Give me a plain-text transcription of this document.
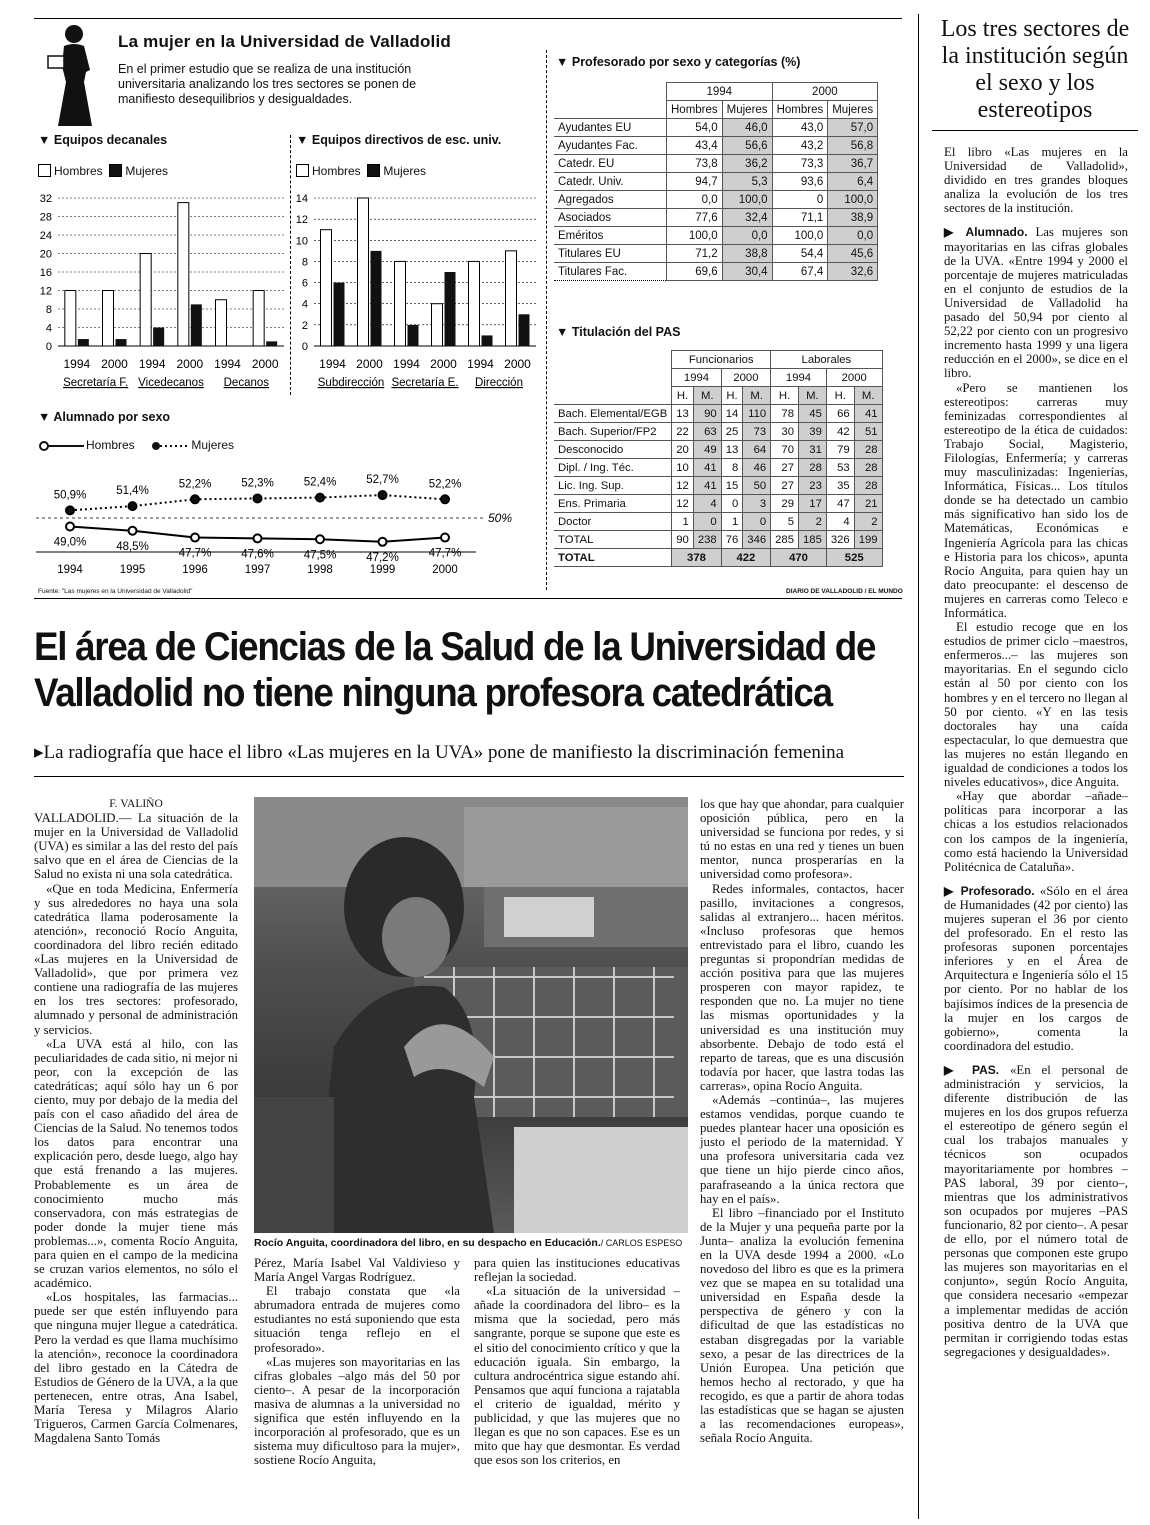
La mujer en la Universidad de Valladolid
En el primer estudio que se realiza de una institución universitaria analizando los tres sectores se ponen de manifiesto desequilibrios y desigualdades.
▼ Equipos decanales
Hombres Mujeres
0
4
8
12
16
20
24
28
32
1994 2000 1994 2000 1994 2000
Secretaría F. Vicedecanos Decanos
▼ Equipos directivos de esc. univ.
Hombres Mujeres
0
2
4
6
8
10
12
14
1994 2000 1994 2000 1994 2000
Subdirección Secretaría E. Dirección
▼ Alumnado por sexo
Hombres	Mujeres
50%
49,0%	48,5%
47,7%	47,6%	47,5%	47,2%	47,7%
50,9%	51,4%
52,2%	52,3%	52,4%	52,7%	52,2%
1994	1995	1996	1997	1998	1999	2000
Fuente: "Las mujeres en la Universidad de Valladolid"
▼ Profesorado por sexo y categorías (%)
	1994		2000	
	Hombres	Mujeres	Hombres	Mujeres
Ayudantes EU	54,0	46,0	43,0	57,0
Ayudantes Fac.	43,4	56,6	43,2	56,8
Catedr. EU	73,8	36,2	73,3	36,7
Catedr. Univ.	94,7	5,3	93,6	6,4
Agregados	0,0	100,0	0	100,0
Asociados	77,6	32,4	71,1	38,9
Eméritos	100,0	0,0	100,0	0,0
Titulares EU	71,2	38,8	54,4	45,6
Titulares Fac.	69,6	30,4	67,4	32,6
▼ Titulación del PAS
	Funcionarios				Laborales			
	1994		2000		1994		2000	
	H.	M.	H.	M.	H.	M.	H.	M.
Bach. Elemental/EGB	13	90	14	110	78	45	66	41
Bach. Superior/FP2	22	63	25	73	30	39	42	51
Desconocido	20	49	13	64	70	31	79	28
Dipl. / Ing. Téc.	10	41	8	46	27	28	53	28
Lic. Ing. Sup.	12	41	15	50	27	23	35	28
Ens. Primaria	12	4	0	3	29	17	47	21
Doctor	1	0	1	0	5	2	4	2
TOTAL	90	238	76	346	285	185	326	199
TOTAL	378		422		470		525	
DIARIO DE VALLADOLID / EL MUNDO
El área de Ciencias de la Salud de la Universidad de
Valladolid no tiene ninguna profesora catedrática
▸La radiografía que hace el libro «Las mujeres en la UVA» pone de manifiesto la discriminación femenina

F. VALIÑO

VALLADOLID.— La situación de la mujer en la Universidad de Valladolid (UVA) es similar a las del resto del país salvo que en el área de Ciencias de la Salud no exista ni una sola catedrática.

«Que en toda Medicina, Enfermería y sus alrededores no haya una sola catedrática llama poderosamente la atención», reconoció Rocío Anguita, coordinadora del libro recién editado «Las mujeres en la Universidad de Valladolid», que por primera vez contiene una radiografía de las mujeres en los tres sectores: profesorado, alumnado y personal de administración y servicios.

«La UVA está al hilo, con las peculiaridades de cada sitio, ni mejor ni peor, con la excepción de las catedráticas; aquí sólo hay un 6 por ciento, muy por debajo de la media del país con el caso añadido del área de Ciencias de la Salud. No tenemos todos los datos para encontrar una explicación pero, desde luego, algo hay que está frenando a las mujeres. Probablemente es un área de conocimiento mucho más conservadora, con más estrategias de poder donde la mujer tiene más problemas...», comenta Rocío Anguita, para quien en el campo de la medicina se cruzan varios elementos, no sólo el académico.

«Los hospitales, las farmacias... puede ser que estén influyendo para que ninguna mujer llegue a catedrática. Pero la verdad es que llama muchísimo la atención», reconoce la coordinadora del libro gestado en la Cátedra de Estudios de Género de la UVA, a la que pertenecen, entre otras, Ana Isabel, María Teresa y Milagros Alario Trigueros, Carmen García Colmenares, Magdalena Santo Tomás

Rocío Anguita, coordinadora del libro, en su despacho en Educación./ CARLOS ESPESO

Pérez, María Isabel Val Valdivieso y María Angel Vargas Rodríguez.

El trabajo constata que «la abrumadora entrada de mujeres como estudiantes no está suponiendo que esta situación tenga reflejo en el profesorado».

«Las mujeres son mayoritarias en las cifras globales –algo más del 50 por ciento–. A pesar de la incorporación masiva de alumnas a la universidad no significa que estén influyendo en la incorporación al profesorado, que es un sistema muy dificultoso para la mujer», sostiene Rocío Anguita,

para quien las instituciones educativas reflejan la sociedad.

«La situación de la universidad –añade la coordinadora del libro– es la misma que la sociedad, pero más sangrante, porque se supone que este es el sitio del conocimiento crítico y que la educación iguala. Sin embargo, la cultura androcéntrica sigue estando ahí. Pensamos que aquí funciona a rajatabla el criterio de igualdad, mérito y publicidad, y que las mujeres que no llegan es que no son capaces. Ese es un mito que hay que desmontar. Es verdad que esos son los criterios, en

los que hay que ahondar, para cualquier oposición pública, pero en la universidad se funciona por redes, y si tú no estas en una red y tienes un buen mentor, nunca prosperarías en la universidad como profesora».

Redes informales, contactos, hacer pasillo, invitaciones a congresos, salidas al extranjero... hacen méritos. «Incluso profesoras que hemos entrevistado para el libro, cuando les preguntas si propondrían medidas de acción positiva para que las mujeres prosperen con mayor rapidez, te responden que no. La mujer no tiene las mismas oportunidades y la universidad es una institución muy absorbente. Debajo de todo está el reparto de tareas, que es una discusión todavía por hacer, que lastra todas las carreras», opina Rocío Anguita.

«Además –continúa–, las mujeres estamos vendidas, porque cuando te puedes plantear hacer una oposición es justo el periodo de la maternidad. Y una profesora universitaria cada vez que tiene un hijo pierde cinco años, parafraseando a la única rectora que hay en el país».

El libro –financiado por el Instituto de la Mujer y una pequeña parte por la Junta– analiza la evolución femenina en la UVA desde 1994 a 2000. «Lo novedoso del libro es que es la primera vez que se mapea en su totalidad una universidad en España desde la perspectiva de género y con la dificultad de que las estadísticas no estaban disgregadas por la variable sexo, a pesar de las directrices de la Unión Europea. Una petición que hemos hecho al rectorado, y que ha recogido, es que a partir de ahora todas las estadísticas que se hagan se ajusten a las recomendaciones europeas», señala Rocío Anguita.

Los tres sectores de la institución según el sexo y los estereotipos

El libro «Las mujeres en la Universidad de Valladolid», dividido en tres grandes bloques analiza la evolución de los tres sectores de la institución.

▶ Alumnado. Las mujeres son mayoritarias en las cifras globales de la UVA. «Entre 1994 y 2000 el porcentaje de mujeres matriculadas en el conjunto de estudios de la Universidad de Valladolid ha pasado del 50,94 por ciento al 52,22 por ciento con un progresivo incremento hasta 1999 y una ligera reducción en el 2000», se dice en el libro.

«Pero se mantienen los estereotipos: carreras muy feminizadas correspondientes al estereotipo de la ética de cuidados: Trabajo Social, Magisterio, Filologías, Enfermería; y carreras muy masculinizadas: Ingenierías, Informática, Físicas... Los títulos donde se ha detectado un cambio más significativo han sido los de Matemáticas, Económicas e Ingeniería Agrícola para las chicas e Historia para los chicos», apunta Rocío Anguita, para quien hay un dato preocupante: el descenso de mujeres en carreras como Teleco e Informática.

El estudio recoge que en los estudios de primer ciclo –maestros, enfermeros...– las mujeres son mayoritarias. En el segundo ciclo están al 50 por ciento con los hombres y en el tercero no llegan al 50 por ciento. «Y en las tesis doctorales hay una caída espectacular, lo que demuestra que las mujeres no están llegando en igualdad de condiciones a todos los niveles educativos», dice Anguita.

«Hay que abordar –añade– políticas para incorporar a las chicas a los estudios relacionados con los campos de la ingeniería, como está haciendo la Universidad Politécnica de Cataluña».

▶ Profesorado. «Sólo en el área de Humanidades (42 por ciento) las mujeres superan el 36 por ciento del profesorado. En el resto las profesoras suponen porcentajes inferiores y en el Área de Arquitectura e Ingeniería sólo el 15 por ciento. Por no hablar de los bajísimos índices de la presencia de la mujer en los cargos de gobierno», comenta la coordinadora del estudio.

▶ PAS. «En el personal de administración y servicios, la diferente distribución de las mujeres en los dos grupos refuerza el estereotipo de género según el cual los trabajos manuales y técnicos son ocupados mayoritariamente por hombres –PAS laboral, 39 por ciento–, mientras que los administrativos son ocupados por mujeres –PAS funcionario, 82 por ciento–. A pesar de ello, por el número total de personas que componen este grupo las mujeres son mayoritarias en el conjunto», según Rocío Anguita, que considera necesario «empezar a implementar medidas de acción positiva dentro de la UVA que permitan ir corrigiendo todas estas segregaciones y desigualdades».
